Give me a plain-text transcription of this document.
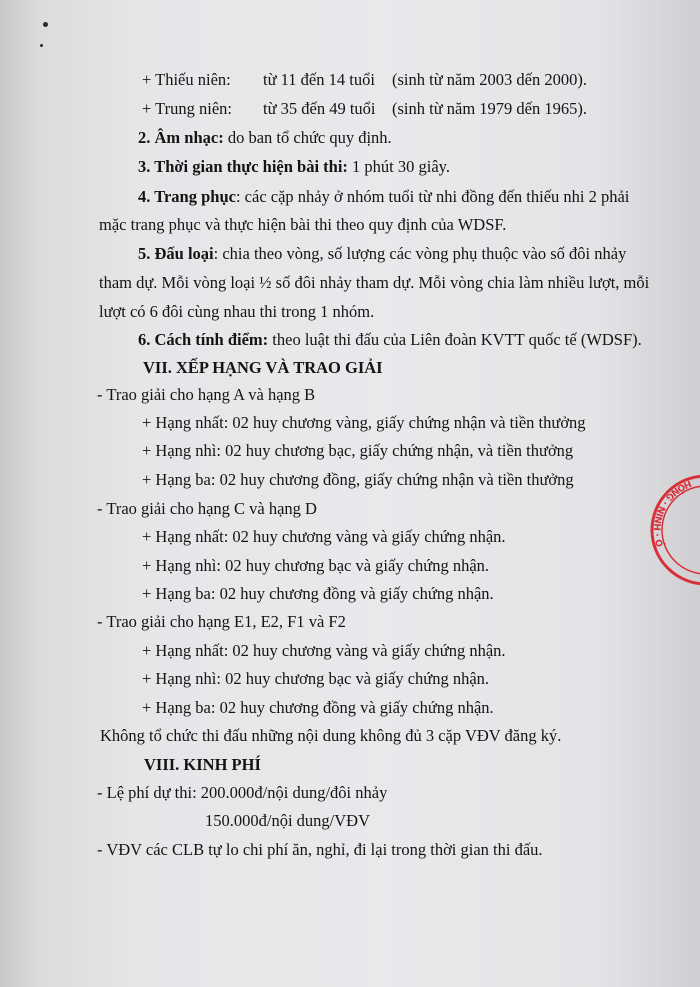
+ Thiếu niên: từ 11 đến 14 tuổi (sinh từ năm 2003 dến 2000).
+ Trung niên: từ 35 đến 49 tuổi (sinh từ năm 1979 dến 1965).
2. Âm nhạc: do ban tổ chức quy định.
3. Thời gian thực hiện bài thi: 1 phút 30 giây.
4. Trang phục: các cặp nhảy ở nhóm tuổi từ nhi đồng đến thiếu nhi 2 phải
mặc trang phục và thực hiện bài thi theo quy định của WDSF.
5. Đấu loại: chia theo vòng, số lượng các vòng phụ thuộc vào số đôi nhảy
tham dự. Mỗi vòng loại ½ số đôi nhảy tham dự. Mỗi vòng chia làm nhiều lượt, mỗi
lượt có 6 đôi cùng nhau thi trong 1 nhóm.
6. Cách tính điểm: theo luật thi đấu của Liên đoàn KVTT quốc tế (WDSF).
VII. XẾP HẠNG VÀ TRAO GIẢI
- Trao giải cho hạng A và hạng B
+ Hạng nhất: 02 huy chương vàng, giấy chứng nhận và tiền thưởng
+ Hạng nhì: 02 huy chương bạc, giấy chứng nhận, và tiền thưởng
+ Hạng ba: 02 huy chương đồng, giấy chứng nhận và tiền thưởng
- Trao giải cho hạng C và hạng D
+ Hạng nhất: 02 huy chương vàng và giấy chứng nhận.
+ Hạng nhì: 02 huy chương bạc và giấy chứng nhận.
+ Hạng ba: 02 huy chương đồng và giấy chứng nhận.
- Trao giải cho hạng E1, E2, F1 và F2
+ Hạng nhất: 02 huy chương vàng và giấy chứng nhận.
+ Hạng nhì: 02 huy chương bạc và giấy chứng nhận.
+ Hạng ba: 02 huy chương đồng và giấy chứng nhận.
Không tổ chức thi đấu những nội dung không đủ 3 cặp VĐV đăng ký.
VIII. KINH PHÍ
- Lệ phí dự thi: 200.000đ/nội dung/đôi nhảy
150.000đ/nội dung/VĐV
- VĐV các CLB tự lo chi phí ăn, nghỉ, đi lại trong thời gian thi đấu.
HỒNG · NINH · Ố
